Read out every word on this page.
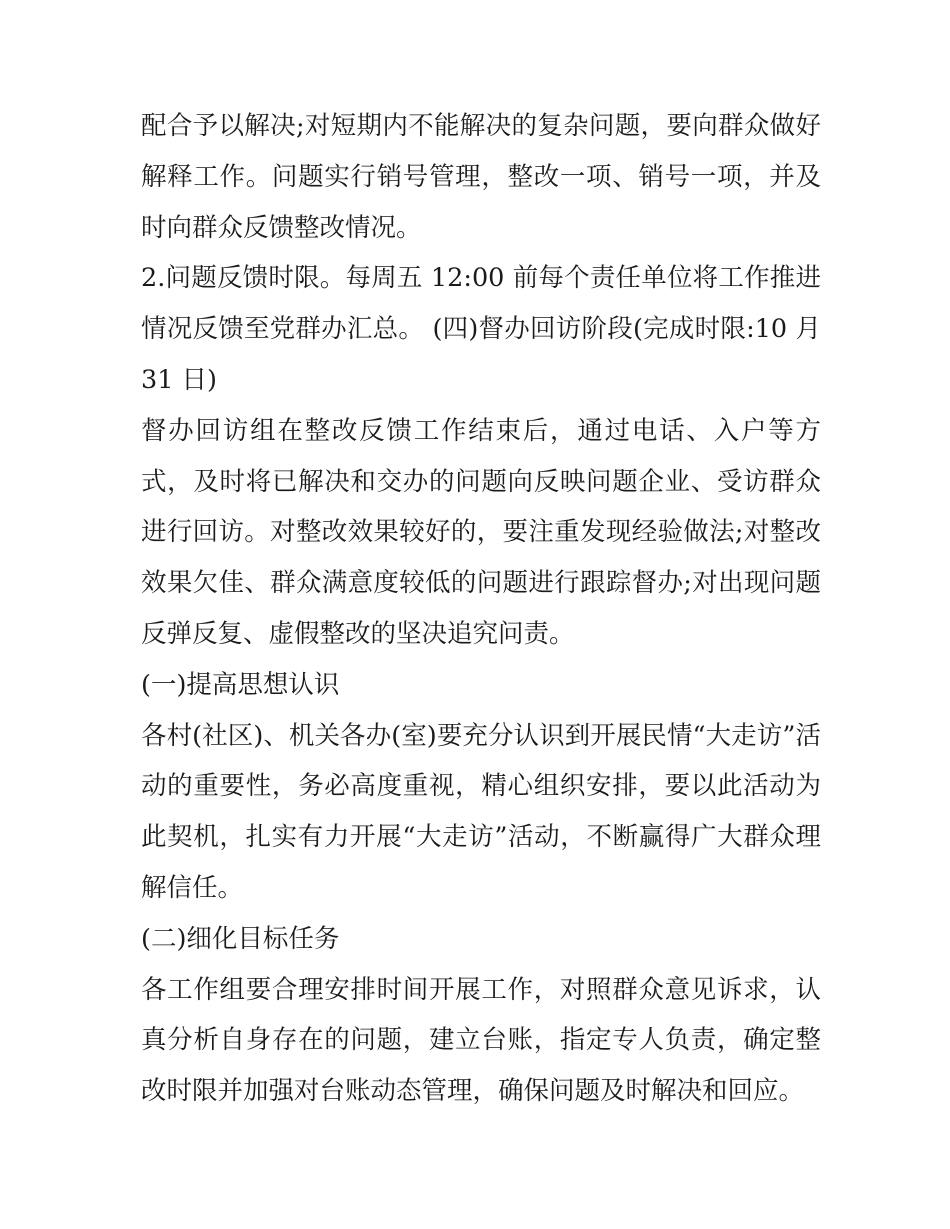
配合予以解决;对短期内不能解决的复杂问题，要向群众做好解释工作。问题实行销号管理，整改一项、销号一项，并及时向群众反馈整改情况。

2.问题反馈时限。每周五 12:00 前每个责任单位将工作推进情况反馈至党群办汇总。 (四)督办回访阶段(完成时限:10 月 31 日)

督办回访组在整改反馈工作结束后，通过电话、入户等方式，及时将已解决和交办的问题向反映问题企业、受访群众进行回访。对整改效果较好的，要注重发现经验做法;对整改效果欠佳、群众满意度较低的问题进行跟踪督办;对出现问题反弹反复、虚假整改的坚决追究问责。

(一)提高思想认识

各村(社区)、机关各办(室)要充分认识到开展民情“大走访”活动的重要性，务必高度重视，精心组织安排，要以此活动为此契机，扎实有力开展“大走访”活动，不断赢得广大群众理解信任。

(二)细化目标任务

各工作组要合理安排时间开展工作，对照群众意见诉求，认真分析自身存在的问题，建立台账，指定专人负责，确定整改时限并加强对台账动态管理，确保问题及时解决和回应。
